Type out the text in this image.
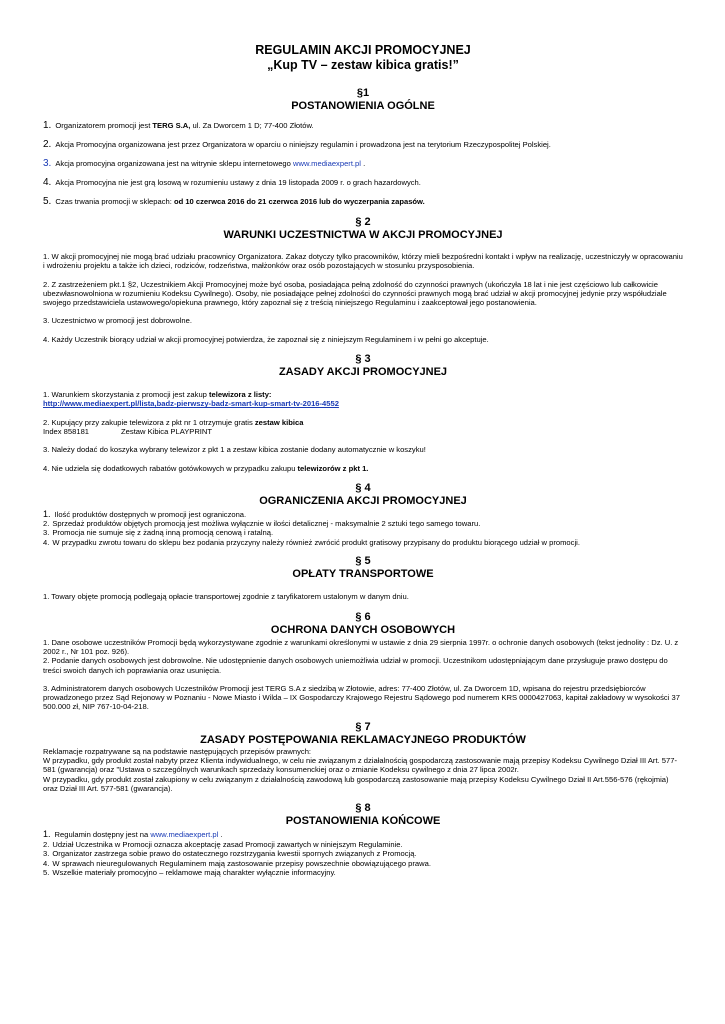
REGULAMIN AKCJI PROMOCYJNEJ
„Kup TV – zestaw kibica gratis!”
§1
POSTANOWIENIA OGÓLNE
1. Organizatorem promocji jest TERG S.A, ul. Za Dworcem 1 D; 77-400 Złotów.
2. Akcja Promocyjna organizowana jest przez Organizatora w oparciu o niniejszy regulamin i prowadzona jest na terytorium Rzeczypospolitej Polskiej.
3. Akcja promocyjna organizowana jest na witrynie sklepu internetowego www.mediaexpert.pl .
4. Akcja Promocyjna nie jest grą losową w rozumieniu ustawy z dnia 19 listopada 2009 r. o grach hazardowych.
5. Czas trwania promocji w sklepach: od 10 czerwca 2016 do 21 czerwca 2016 lub do wyczerpania zapasów.
§ 2
WARUNKI UCZESTNICTWA W AKCJI PROMOCYJNEJ

1. W akcji promocyjnej nie mogą brać udziału pracownicy Organizatora. Zakaz dotyczy tylko pracowników, którzy mieli bezpośredni kontakt i wpływ na realizację, uczestniczyły w opracowaniu i wdrożeniu projektu a także ich dzieci, rodziców, rodzeństwa, małżonków oraz osób pozostających w stosunku przysposobienia.

2. Z zastrzeżeniem pkt.1 §2, Uczestnikiem Akcji Promocyjnej może być osoba, posiadająca pełną zdolność do czynności prawnych (ukończyła 18 lat i nie jest częściowo lub całkowicie ubezwłasnowolniona w rozumieniu Kodeksu Cywilnego). Osoby, nie posiadające pełnej zdolności do czynności prawnych mogą brać udział w akcji promocyjnej jedynie przy współudziale swojego przedstawiciela ustawowego/opiekuna prawnego, który zapoznał się z treścią niniejszego Regulaminu i zaakceptował jego postanowienia.

3. Uczestnictwo w promocji jest dobrowolne.

4. Każdy Uczestnik biorący udział w akcji promocyjnej potwierdza, że zapoznał się z niniejszym Regulaminem i w pełni go akceptuje.

§ 3
ZASADY AKCJI PROMOCYJNEJ

1. Warunkiem skorzystania z promocji jest zakup telewizora z listy:
http://www.mediaexpert.pl/lista,badz-pierwszy-badz-smart-kup-smart-tv-2016-4552

2. Kupujący przy zakupie telewizora z pkt nr 1 otrzymuje gratis zestaw kibica
Index 858181	Zestaw Kibica PLAYPRINT

3. Należy dodać do koszyka wybrany telewizor z pkt 1 a zestaw kibica zostanie dodany automatycznie w koszyku!

4. Nie udziela się dodatkowych rabatów gotówkowych w przypadku zakupu telewizorów z pkt 1.

§ 4
OGRANICZENIA AKCJI PROMOCYJNEJ
1. Ilość produktów dostępnych w promocji jest ograniczona.
2. Sprzedaż produktów objętych promocją jest możliwa wyłącznie w ilości detalicznej - maksymalnie 2 sztuki tego samego towaru.
3. Promocja nie sumuje się z żadną inną promocją cenową i ratalną.
4. W przypadku zwrotu towaru do sklepu bez podania przyczyny należy również zwrócić produkt gratisowy przypisany do produktu biorącego udział w promocji.
§ 5
OPŁATY TRANSPORTOWE

1. Towary objęte promocją podlegają opłacie transportowej zgodnie z taryfikatorem ustalonym w danym dniu.

§ 6
OCHRONA DANYCH OSOBOWYCH

1. Dane osobowe uczestników Promocji będą wykorzystywane zgodnie z warunkami określonymi w ustawie z dnia 29 sierpnia 1997r. o ochronie danych osobowych (tekst jednolity : Dz. U. z 2002 r., Nr 101 poz. 926).

2. Podanie danych osobowych jest dobrowolne. Nie udostępnienie danych osobowych uniemożliwia udział w promocji. Uczestnikom udostępniającym dane przysługuje prawo dostępu do treści swoich danych ich poprawiania oraz usunięcia.

3. Administratorem danych osobowych Uczestników Promocji jest TERG S.A z siedzibą w Złotowie, adres: 77-400 Złotów, ul. Za Dworcem 1D, wpisana do rejestru przedsiębiorców prowadzonego przez Sąd Rejonowy w Poznaniu - Nowe Miasto i Wilda – IX Gospodarczy Krajowego Rejestru Sądowego pod numerem KRS 0000427063, kapitał zakładowy w wysokości 37 500.000 zł, NIP 767-10-04-218.

§ 7
ZASADY POSTĘPOWANIA REKLAMACYJNEGO PRODUKTÓW

Reklamacje rozpatrywane są na podstawie następujących przepisów prawnych:

W przypadku, gdy produkt został nabyty przez Klienta indywidualnego, w celu nie związanym z działalnością gospodarczą zastosowanie mają przepisy Kodeksu Cywilnego Dział III Art. 577-581 (gwarancja) oraz "Ustawa o szczególnych warunkach sprzedaży konsumenckiej oraz o zmianie Kodeksu cywilnego z dnia 27 lipca 2002r.

W przypadku, gdy produkt został zakupiony w celu związanym z działalnością zawodową lub gospodarczą zastosowanie mają przepisy Kodeksu Cywilnego Dział II Art.556-576 (rękojmia) oraz Dział III Art. 577-581 (gwarancja).

§ 8
POSTANOWIENIA KOŃCOWE
1. Regulamin dostępny jest na www.mediaexpert.pl .
2. Udział Uczestnika w Promocji oznacza akceptację zasad Promocji zawartych w niniejszym Regulaminie.
3. Organizator zastrzega sobie prawo do ostatecznego rozstrzygania kwestii spornych związanych z Promocją.
4. W sprawach nieuregulowanych Regulaminem mają zastosowanie przepisy powszechnie obowiązującego prawa.
5. Wszelkie materiały promocyjno – reklamowe mają charakter wyłącznie informacyjny.
